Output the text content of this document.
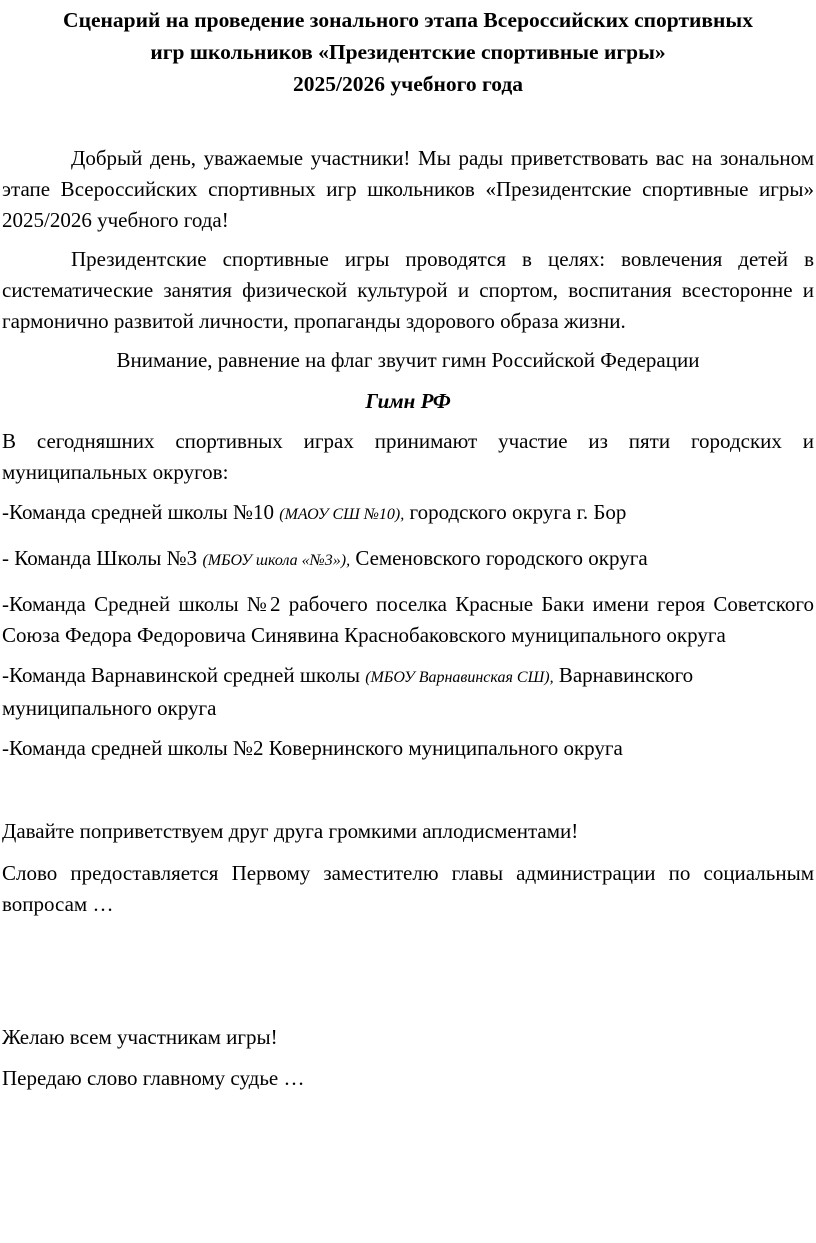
Сценарий на проведение зонального этапа Всероссийских спортивных
игр школьников «Президентские спортивные игры»
2025/2026 учебного года

Добрый день, уважаемые участники! Мы рады приветствовать вас на зональном этапе Всероссийских спортивных игр школьников «Президентские спортивные игры» 2025/2026 учебного года!

Президентские спортивные игры проводятся в целях: вовлечения детей в систематические занятия физической культурой и спортом, воспитания всесторонне и гармонично развитой личности, пропаганды здорового образа жизни.

Внимание, равнение на флаг звучит гимн Российской Федерации

Гимн РФ

В сегодняшних спортивных играх принимают участие из пяти городских и муниципальных округов:

-Команда средней школы №10 (МАОУ СШ №10), городского округа г. Бор

- Команда Школы №3 (МБОУ школа «№3»), Семеновского городского округа

-Команда Средней школы №2 рабочего поселка Красные Баки имени героя Советского Союза Федора Федоровича Синявина Краснобаковского муниципального округа

-Команда Варнавинской средней школы (МБОУ Варнавинская СШ), Варнавинского муниципального округа

-Команда средней школы №2 Ковернинского муниципального округа

Давайте поприветствуем друг друга громкими аплодисментами!

Слово предоставляется Первому заместителю главы администрации по социальным вопросам …

Желаю всем участникам игры!

Передаю слово главному судье …
